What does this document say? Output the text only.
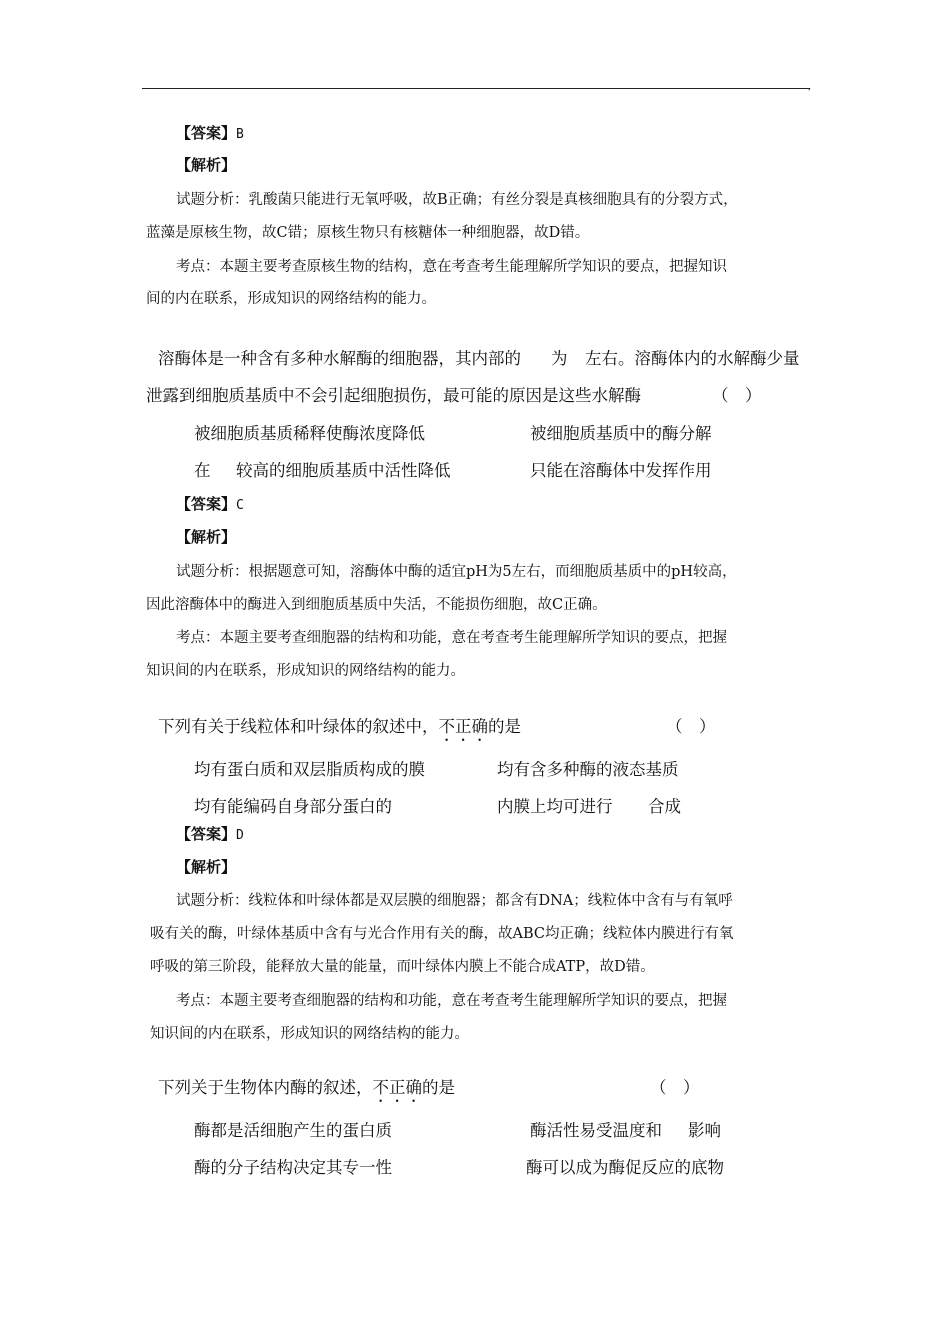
,
【答案】B
【解析】
试题分析：乳酸菌只能进行无氧呼吸，故B正确；有丝分裂是真核细胞具有的分裂方式，
蓝藻是原核生物，故C错；原核生物只有核糖体一种细胞器，故D错。
考点：本题主要考查原核生物的结构，意在考查考生能理解所学知识的要点，把握知识
间的内在联系，形成知识的网络结构的能力。
溶酶体是一种含有多种水解酶的细胞器，其内部的 为 左右。溶酶体内的水解酶少量
泄露到细胞质基质中不会引起细胞损伤，最可能的原因是这些水解酶	（　）
被细胞质基质稀释使酶浓度降低	被细胞质基质中的酶分解
在 较高的细胞质基质中活性降低	只能在溶酶体中发挥作用
【答案】C
【解析】
试题分析：根据题意可知，溶酶体中酶的适宜pH为5左右，而细胞质基质中的pH较高，
因此溶酶体中的酶进入到细胞质基质中失活，不能损伤细胞，故C正确。
考点：本题主要考查细胞器的结构和功能，意在考查考生能理解所学知识的要点，把握
知识间的内在联系，形成知识的网络结构的能力。
下列有关于线粒体和叶绿体的叙述中，不正确的是	（　）
均有蛋白质和双层脂质构成的膜	均有含多种酶的液态基质
均有能编码自身部分蛋白的	内膜上均可进行 合成
【答案】D
【解析】
试题分析：线粒体和叶绿体都是双层膜的细胞器；都含有DNA；线粒体中含有与有氧呼
吸有关的酶，叶绿体基质中含有与光合作用有关的酶，故ABC均正确；线粒体内膜进行有氧
呼吸的第三阶段，能释放大量的能量，而叶绿体内膜上不能合成ATP，故D错。
考点：本题主要考查细胞器的结构和功能，意在考查考生能理解所学知识的要点，把握
知识间的内在联系，形成知识的网络结构的能力。
下列关于生物体内酶的叙述，不正确的是	（　）
酶都是活细胞产生的蛋白质	酶活性易受温度和 影响
酶的分子结构决定其专一性	酶可以成为酶促反应的底物
